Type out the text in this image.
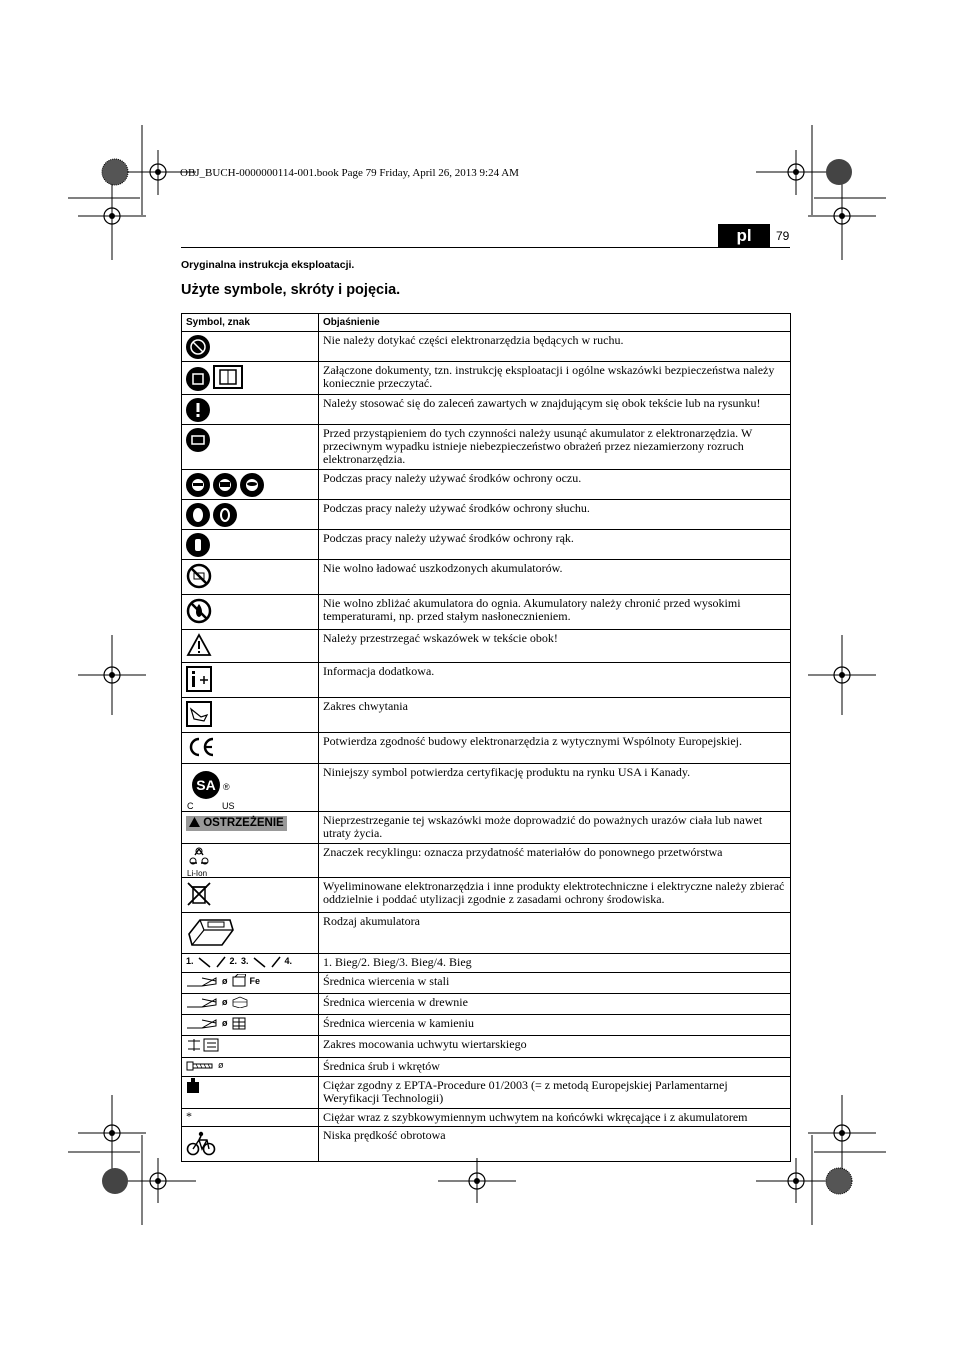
OBJ_BUCH-0000000114-001.book Page 79 Friday, April 26, 2013 9:24 AM
pl	79
Oryginalna instrukcja eksploatacji.
Użyte symbole, skróty i pojęcia.
Symbol, znak	Objaśnienie

	Nie należy dotykać części elektronarzędzia będących w ruchu.

	Załączone dokumenty, tzn. instrukcję eksploatacji i ogólne wskazówki bezpieczeństwa należy koniecznie przeczytać.

	Należy stosować się do zaleceń zawartych w znajdującym się obok tekście lub na rysunku!

	Przed przystąpieniem do tych czynności należy usunąć akumulator z elektronarzędzia. W przeciwnym wypadku istnieje niebezpieczeństwo obrażeń przez niezamierzony rozruch elektronarzędzia.

	Podczas pracy należy używać środków ochrony oczu.

	Podczas pracy należy używać środków ochrony słuchu.

	Podczas pracy należy używać środków ochrony rąk.

	Nie wolno ładować uszkodzonych akumulatorów.

	Nie wolno zbliżać akumulatora do ognia. Akumulatory należy chronić przed wysokimi temperaturami, np. przed stałym nasłonecznieniem.

	Należy przestrzegać wskazówek w tekście obok!

	Informacja dodatkowa.

	Zakres chwytania

	Potwierdza zgodność budowy elektronarzędzia z wytycznymi Wspólnoty Europejskiej.

SA
C US
®	Niniejszy symbol potwierdza certyfikację produktu na rynku USA i Kanady.
OSTRZEŻENIE	Nieprzestrzeganie tej wskazówki może doprowadzić do poważnych urazów ciała lub nawet utraty życia.

Li-Ion	Znaczek recyklingu: oznacza przydatność materiałów do ponownego przetwórstwa

	Wyeliminowane elektronarzędzia i inne produkty elektrotechniczne i elektryczne należy zbierać oddzielnie i poddać utylizacji zgodnie z zasadami ochrony środowiska.

	Rodzaj akumulatora

1. 2. 3. 4.	1. Bieg/2. Bieg/3. Bieg/4. Bieg

ø Fe	Średnica wiercenia w stali

ø	Średnica wiercenia w drewnie

ø	Średnica wiercenia w kamieniu
	Zakres mocowania uchwytu wiertarskiego

ø	Średnica śrub i wkrętów
	Ciężar zgodny z EPTA-Procedure 01/2003 (= z metodą Europejskiej Parlamentarnej Weryfikacji Technologii)
*	Ciężar wraz z szybkowymiennym uchwytem na końcówki wkręcające i z akumulatorem

	Niska prędkość obrotowa
